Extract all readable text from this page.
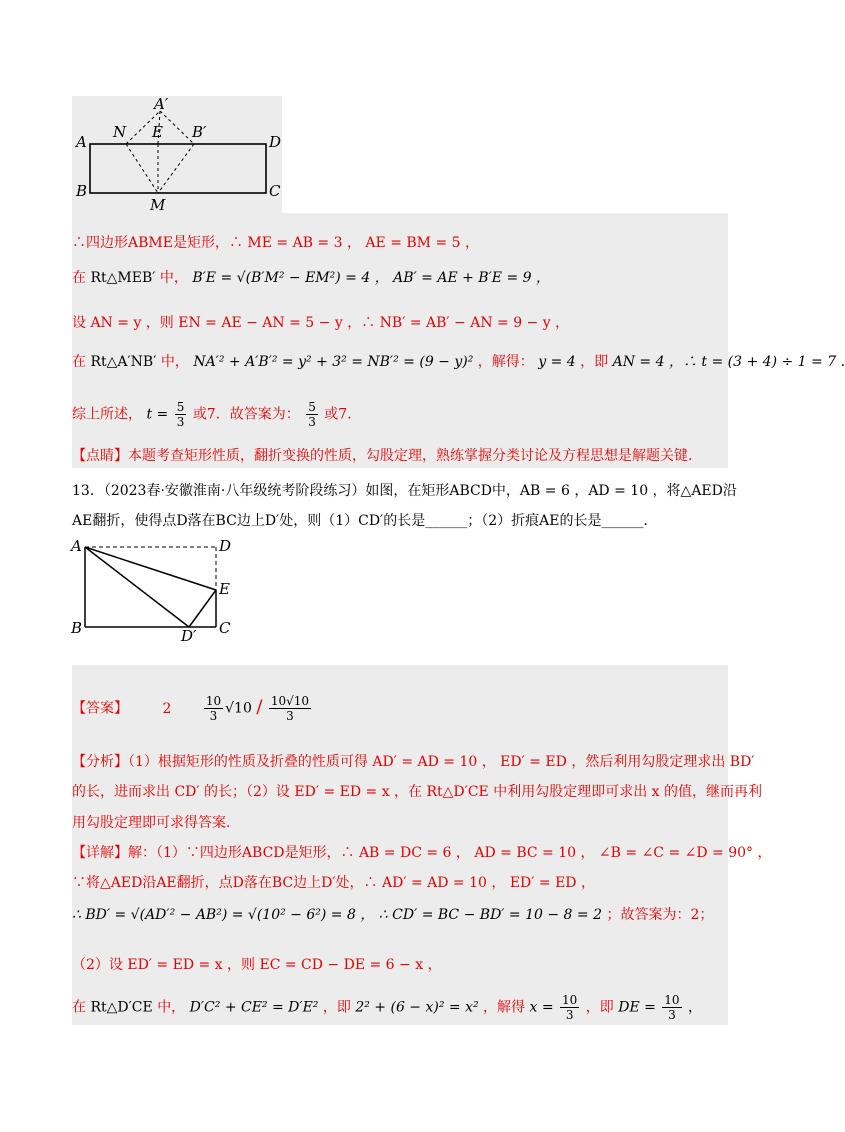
A′
A
N E B′
D
B
M
C
∴四边形ABME是矩形，∴ ME = AB = 3 ， AE = BM = 5 ，
在 Rt△MEB′ 中， B′E = √(B′M² − EM²) = 4 ， AB′ = AE + B′E = 9 ，
设 AN = y ，则 EN = AE − AN = 5 − y ，∴ NB′ = AB′ − AN = 9 − y ，
在 Rt△A′NB′ 中， NA′² + A′B′² = y² + 3² = NB′² = (9 − y)² ，解得： y = 4 ，即 AN = 4 ，∴ t = (3 + 4) ÷ 1 = 7 .
综上所述， $t = \frac{5}{3}$ 或7．故答案为： $\frac{5}{3}$ 或7．
【点睛】本题考查矩形性质，翻折变换的性质，勾股定理，熟练掌握分类讨论及方程思想是解题关键．
13．（2023春·安徽淮南·八年级统考阶段练习）如图，在矩形ABCD中，AB = 6 ，AD = 10 ，将△AED沿
AE翻折，使得点D落在BC边上D′处，则（1）CD′的长是______；（2）折痕AE的长是______．
A	D
E
B	D′ C
【答案】 2	$\frac{10}{3} √10 / \frac{10√10}{3}$
【分析】（1）根据矩形的性质及折叠的性质可得 AD′ = AD = 10 ， ED′ = ED ，然后利用勾股定理求出 BD′
的长，进而求出 CD′ 的长；（2）设 ED′ = ED = x ，在 Rt△D′CE 中利用勾股定理即可求出 x 的值，继而再利
用勾股定理即可求得答案．
【详解】解：（1）∵四边形ABCD是矩形，∴ AB = DC = 6 ， AD = BC = 10 ， ∠B = ∠C = ∠D = 90° ，
∵将△AED沿AE翻折，点D落在BC边上D′处，∴ AD′ = AD = 10 ， ED′ = ED ，
∴ BD′ = √(AD′² − AB²) = √(10² − 6²) = 8 ， ∴ CD′ = BC − BD′ = 10 − 8 = 2 ；故答案为：2；
（2）设 ED′ = ED = x ，则 EC = CD − DE = 6 − x ，
在 Rt△D′CE 中， D′C² + CE² = D′E² ，即 2² + (6 − x)² = x² ，解得 $x = \frac{10}{3}$ ，即 DE = $\frac{10}{3}$ ，
